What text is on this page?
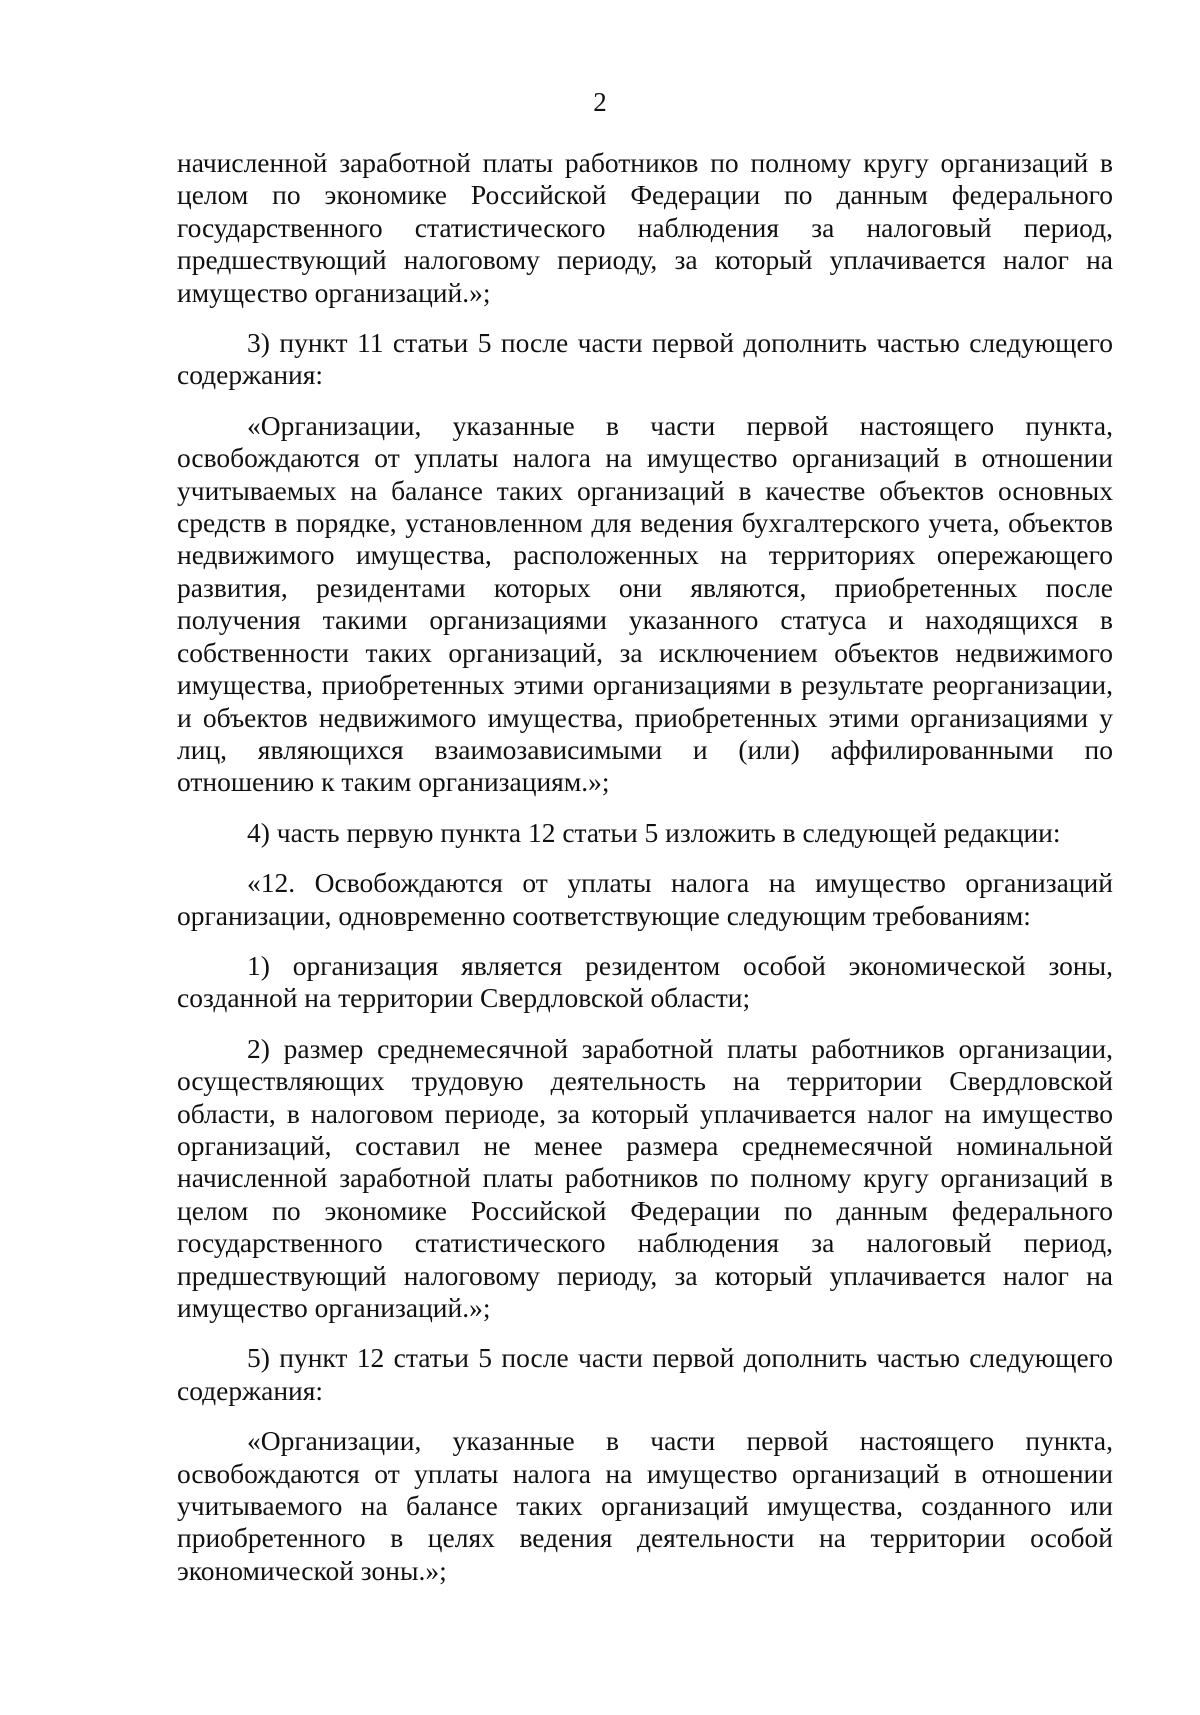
2

начисленной заработной платы работников по полному кругу организаций в целом по экономике Российской Федерации по данным федерального государственного статистического наблюдения за налоговый период, предшествующий налоговому периоду, за который уплачивается налог на имущество организаций.»;

3) пункт 11 статьи 5 после части первой дополнить частью следующего содержания:

«Организации, указанные в части первой настоящего пункта, освобождаются от уплаты налога на имущество организаций в отношении учитываемых на балансе таких организаций в качестве объектов основных средств в порядке, установленном для ведения бухгалтерского учета, объектов недвижимого имущества, расположенных на территориях опережающего развития, резидентами которых они являются, приобретенных после получения такими организациями указанного статуса и находящихся в собственности таких организаций, за исключением объектов недвижимого имущества, приобретенных этими организациями в результате реорганизации, и объектов недвижимого имущества, приобретенных этими организациями у лиц, являющихся взаимозависимыми и (или) аффилированными по отношению к таким организациям.»;

4) часть первую пункта 12 статьи 5 изложить в следующей редакции:

«12. Освобождаются от уплаты налога на имущество организаций организации, одновременно соответствующие следующим требованиям:

1) организация является резидентом особой экономической зоны, созданной на территории Свердловской области;

2) размер среднемесячной заработной платы работников организации, осуществляющих трудовую деятельность на территории Свердловской области, в налоговом периоде, за который уплачивается налог на имущество организаций, составил не менее размера среднемесячной номинальной начисленной заработной платы работников по полному кругу организаций в целом по экономике Российской Федерации по данным федерального государственного статистического наблюдения за налоговый период, предшествующий налоговому периоду, за который уплачивается налог на имущество организаций.»;

5) пункт 12 статьи 5 после части первой дополнить частью следующего содержания:

«Организации, указанные в части первой настоящего пункта, освобождаются от уплаты налога на имущество организаций в отношении учитываемого на балансе таких организаций имущества, созданного или приобретенного в целях ведения деятельности на территории особой экономической зоны.»;
